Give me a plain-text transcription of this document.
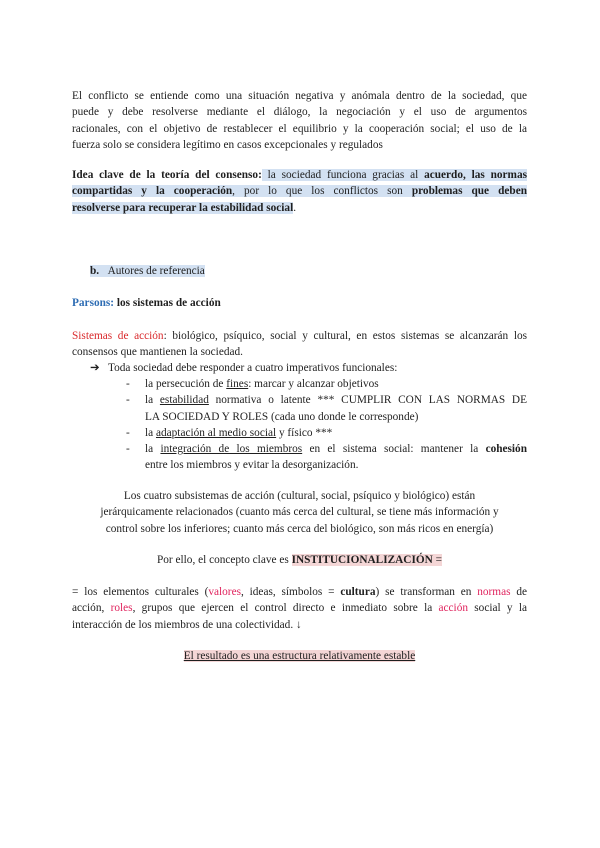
El conflicto se entiende como una situación negativa y anómala dentro de la sociedad, que
puede y debe resolverse mediante el diálogo, la negociación y el uso de argumentos
racionales, con el objetivo de restablecer el equilibrio y la cooperación social; el uso de la
fuerza solo se considera legítimo en casos excepcionales y regulados
Idea clave de la teoría del consenso: la sociedad funciona gracias al acuerdo, las normas
compartidas y la cooperación, por lo que los conflictos son problemas que deben
resolverse para recuperar la estabilidad social.
b. Autores de referencia
Parsons: los sistemas de acción
Sistemas de acción: biológico, psíquico, social y cultural, en estos sistemas se alcanzarán los
consensos que mantienen la sociedad.
➔ Toda sociedad debe responder a cuatro imperativos funcionales:
- la persecución de fines: marcar y alcanzar objetivos
- la estabilidad normativa o latente *** CUMPLIR CON LAS NORMAS DE
LA SOCIEDAD Y ROLES (cada uno donde le corresponde)
- la adaptación al medio social y físico ***
- la integración de los miembros en el sistema social: mantener la cohesión
entre los miembros y evitar la desorganización.
Los cuatro subsistemas de acción (cultural, social, psíquico y biológico) están
jerárquicamente relacionados (cuanto más cerca del cultural, se tiene más información y
control sobre los inferiores; cuanto más cerca del biológico, son más ricos en energía)
Por ello, el concepto clave es INSTITUCIONALIZACIÓN =
= los elementos culturales (valores, ideas, símbolos = cultura) se transforman en normas de
acción, roles, grupos que ejercen el control directo e inmediato sobre la acción social y la
interacción de los miembros de una colectividad. ↓
El resultado es una estructura relativamente estable
